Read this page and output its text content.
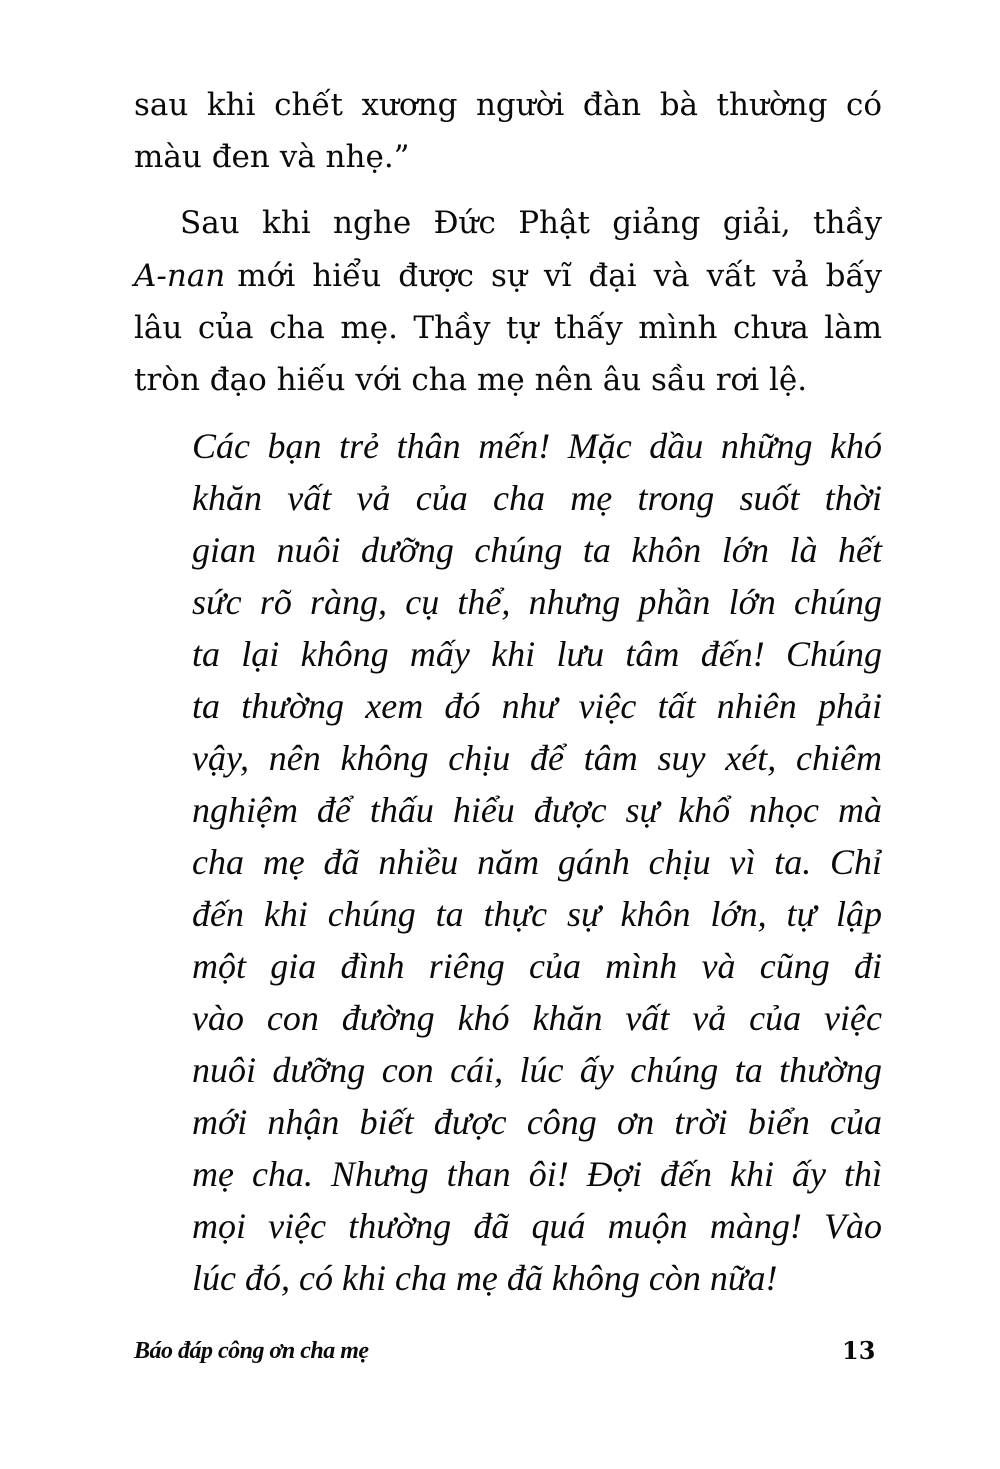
sau khi chết xương người đàn bà thường có
màu đen và nhẹ.”
Sau khi nghe Đức Phật giảng giải, thầy
A-nan mới hiểu được sự vĩ đại và vất vả bấy
lâu của cha mẹ. Thầy tự thấy mình chưa làm
tròn đạo hiếu với cha mẹ nên âu sầu rơi lệ.
Các bạn trẻ thân mến! Mặc dầu những khó
khăn vất vả của cha mẹ trong suốt thời
gian nuôi dưỡng chúng ta khôn lớn là hết
sức rõ ràng, cụ thể, nhưng phần lớn chúng
ta lại không mấy khi lưu tâm đến! Chúng
ta thường xem đó như việc tất nhiên phải
vậy, nên không chịu để tâm suy xét, chiêm
nghiệm để thấu hiểu được sự khổ nhọc mà
cha mẹ đã nhiều năm gánh chịu vì ta. Chỉ
đến khi chúng ta thực sự khôn lớn, tự lập
một gia đình riêng của mình và cũng đi
vào con đường khó khăn vất vả của việc
nuôi dưỡng con cái, lúc ấy chúng ta thường
mới nhận biết được công ơn trời biển của
mẹ cha. Nhưng than ôi! Đợi đến khi ấy thì
mọi việc thường đã quá muộn màng! Vào
lúc đó, có khi cha mẹ đã không còn nữa!
Báo đáp công ơn cha mẹ	13
